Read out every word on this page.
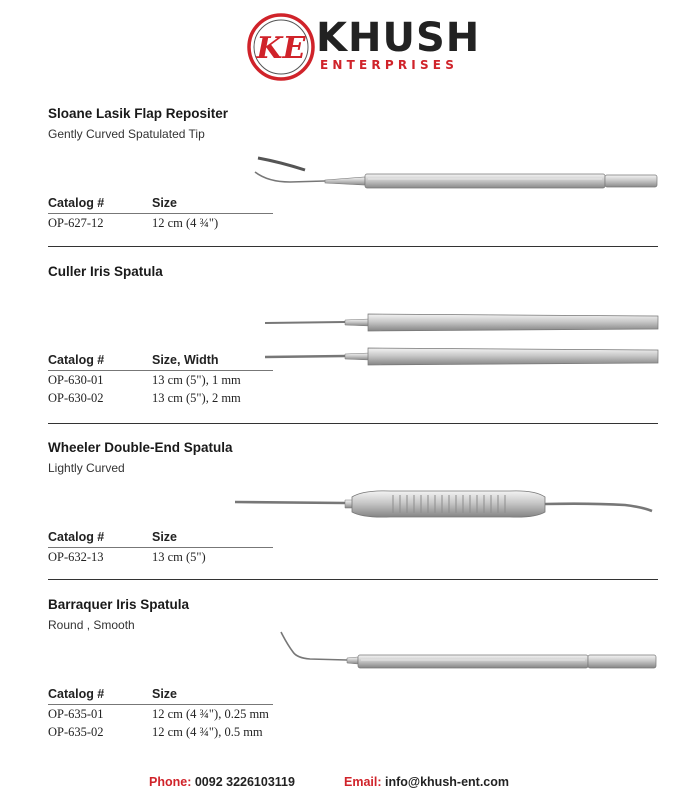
KE KHUSH
ENTERPRISES
Sloane Lasik Flap Repositer
Gently Curved Spatulated Tip
Catalog #	Size
OP-627-12	12 cm (4 ¾")
Culler Iris Spatula
Catalog #	Size, Width
OP-630-01	13 cm (5"), 1 mm
OP-630-02	13 cm (5"), 2 mm
Wheeler Double-End Spatula
Lightly Curved
Catalog #	Size
OP-632-13	13 cm (5")
Barraquer Iris Spatula
Round , Smooth
Catalog #	Size
OP-635-01	12 cm (4 ¾"), 0.25 mm
OP-635-02	12 cm (4 ¾"), 0.5 mm
Phone: 0092 3226103119	Email: info@khush-ent.com
